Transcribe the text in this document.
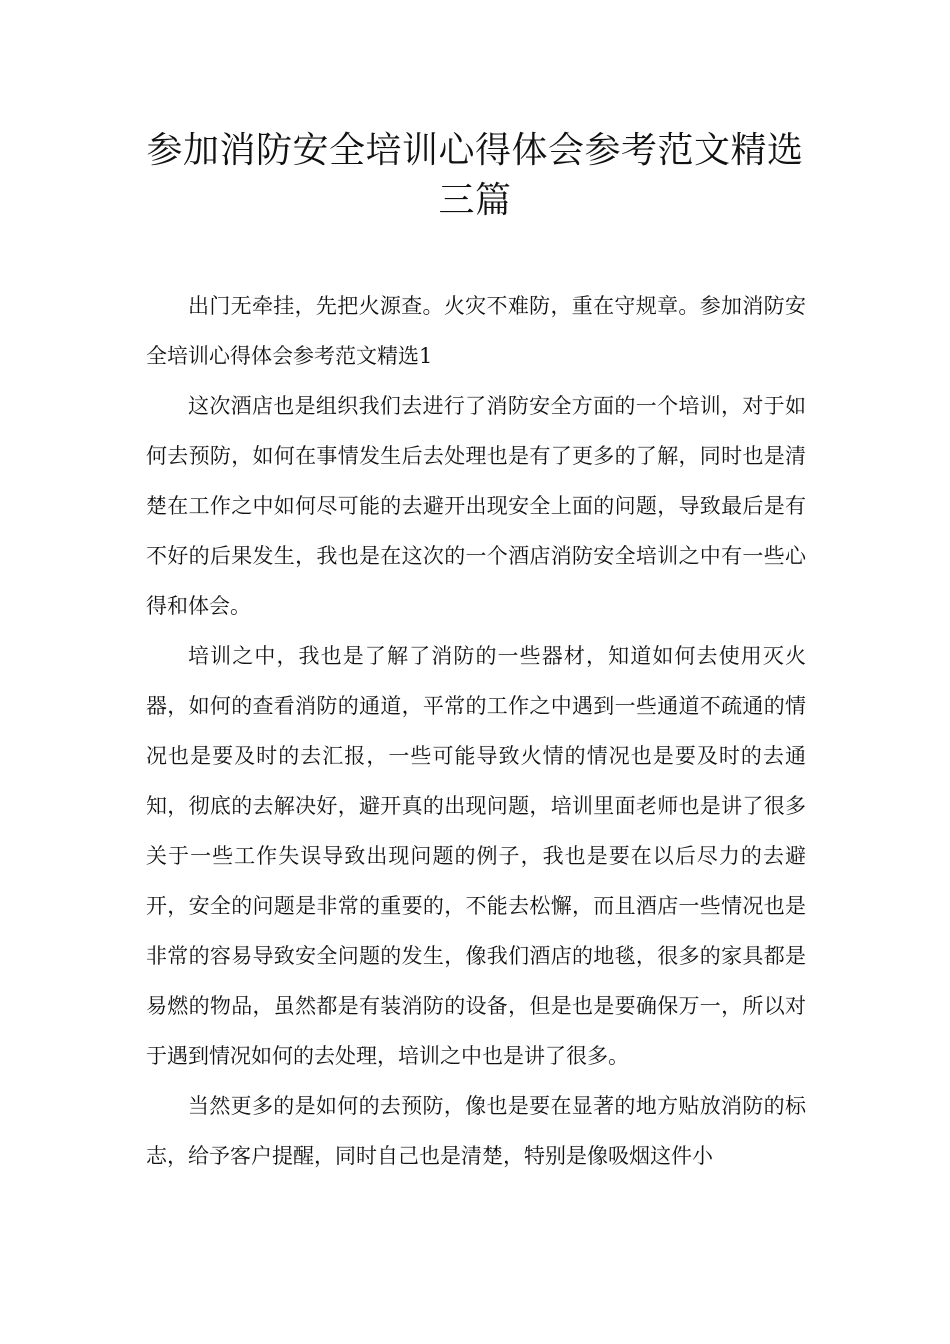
参加消防安全培训心得体会参考范文精选三篇

出门无牵挂，先把火源查。火灾不难防，重在守规章。参加消防安全培训心得体会参考范文精选1

这次酒店也是组织我们去进行了消防安全方面的一个培训，对于如何去预防，如何在事情发生后去处理也是有了更多的了解，同时也是清楚在工作之中如何尽可能的去避开出现安全上面的问题，导致最后是有不好的后果发生，我也是在这次的一个酒店消防安全培训之中有一些心得和体会。

培训之中，我也是了解了消防的一些器材，知道如何去使用灭火器，如何的查看消防的通道，平常的工作之中遇到一些通道不疏通的情况也是要及时的去汇报，一些可能导致火情的情况也是要及时的去通知，彻底的去解决好，避开真的出现问题，培训里面老师也是讲了很多关于一些工作失误导致出现问题的例子，我也是要在以后尽力的去避开，安全的问题是非常的重要的，不能去松懈，而且酒店一些情况也是非常的容易导致安全问题的发生，像我们酒店的地毯，很多的家具都是易燃的物品，虽然都是有装消防的设备，但是也是要确保万一，所以对于遇到情况如何的去处理，培训之中也是讲了很多。

当然更多的是如何的去预防，像也是要在显著的地方贴放消防的标志，给予客户提醒，同时自己也是清楚，特别是像吸烟这件小
